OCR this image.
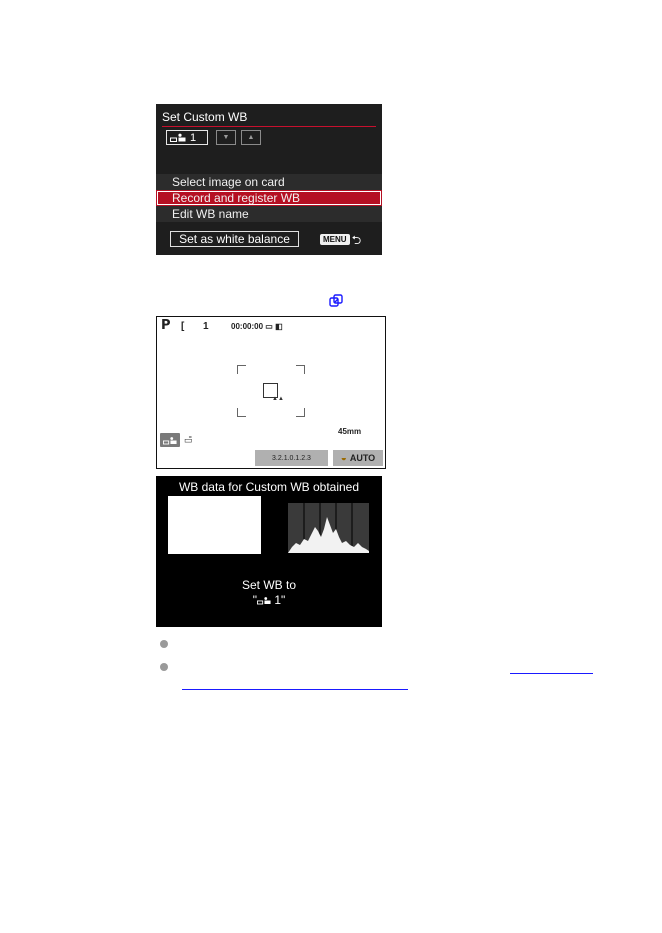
Set Custom WB
1	▼	▲
Select image on card
Record and register WB
Edit WB name
Set as white balance	MENU ⮌
P [ 1	00:00:00 ▭ ◧
▲▲
45mm
▭̄
3.2.1.0.1.2.3	◒ AUTO
WB data for Custom WB obtained
Set WB to
" 1"
